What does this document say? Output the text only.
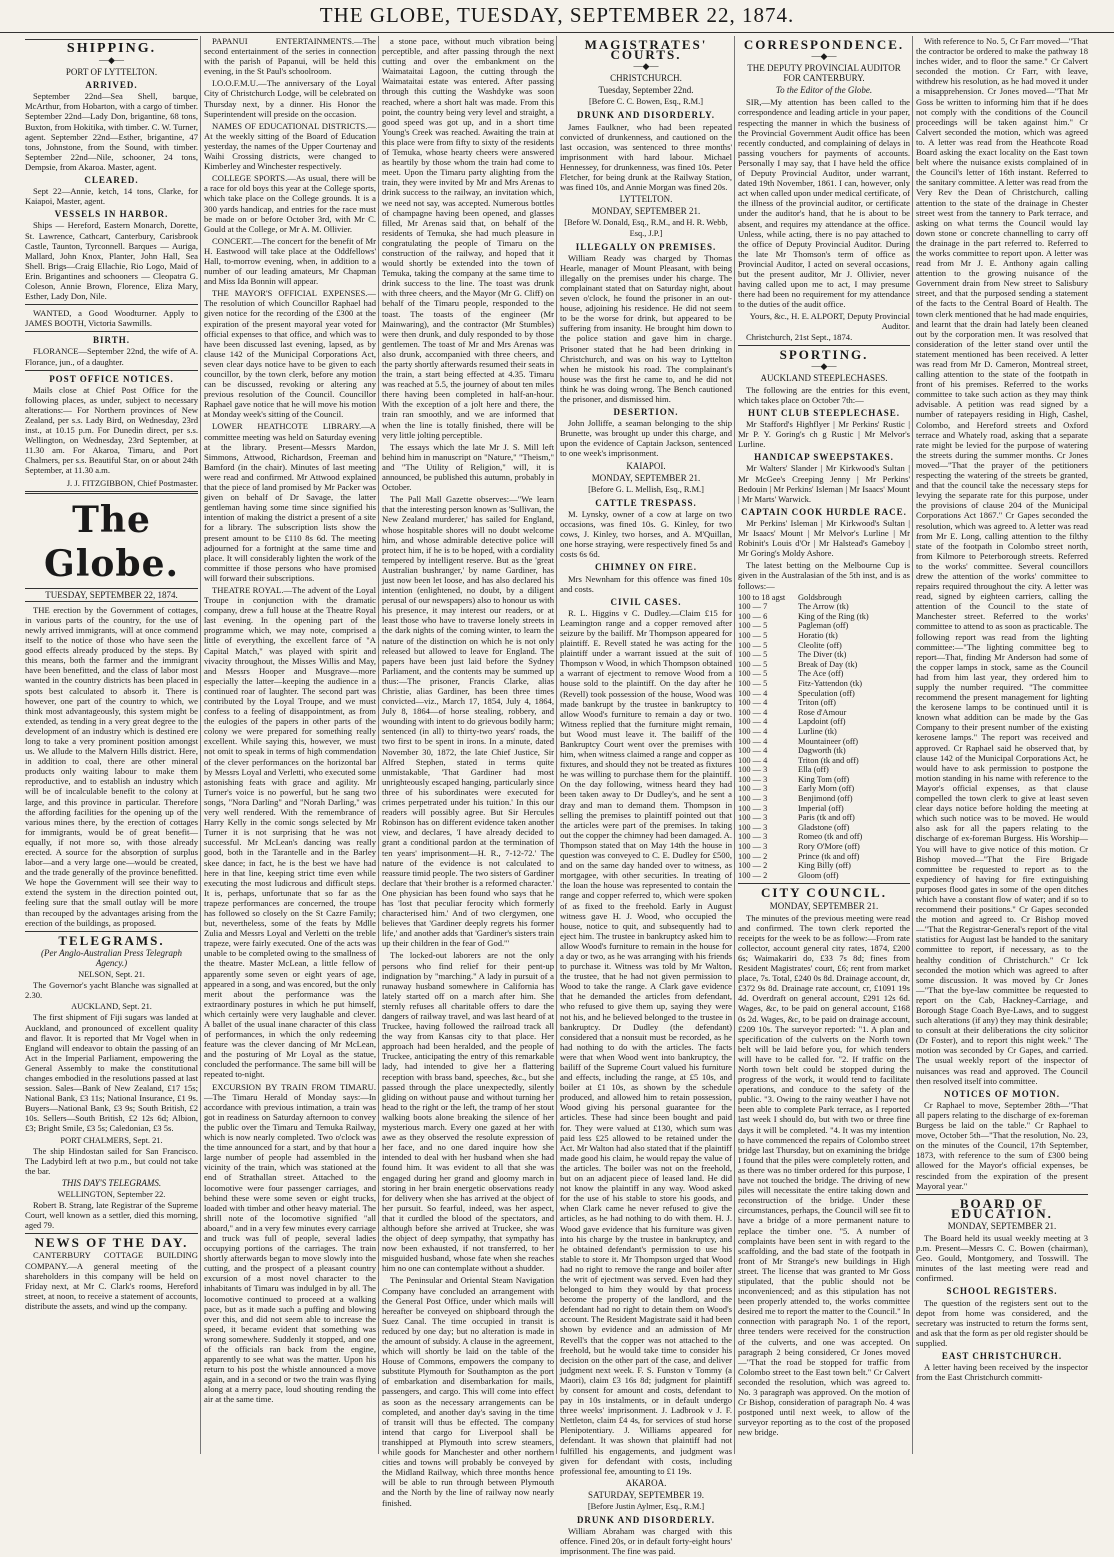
THE GLOBE, TUESDAY, SEPTEMBER 22, 1874.
SHIPPING.
—◆—
PORT OF LYTTELTON.
ARRIVED.

September 22nd—Sea Shell, barque, McArthur, from Hobarton, with a cargo of timber. September 22nd—Lady Don, brigantine, 68 tons, Buxton, from Hokitika, with timber. C. W. Turner, agent. September 22nd—Esther, brigantine, 47 tons, Johnstone, from the Sound, with timber. September 22nd—Nile, schooner, 24 tons, Dempsie, from Akaroa. Master, agent.

CLEARED.

Sept 22—Annie, ketch, 14 tons, Clarke, for Kaiapoi, Master, agent.

VESSELS IN HARBOR.

Ships — Hereford, Eastern Monarch, Dorette, St. Lawrence, Cathcart, Canterbury, Carisbrook Castle, Taunton, Tyrconnell. Barques — Auriga, Mallard, John Knox, Planter, John Hall, Sea Shell. Brigs—Craig Ellachie, Rio Logo, Maid of Erin. Brigantines and schooners — Cleopatra G. Coleson, Annie Brown, Florence, Eliza Mary, Esther, Lady Don, Nile.

WANTED, a Good Woodturner. Apply to JAMES BOOTH, Victoria Sawmills.

BIRTH.

FLORANCE—September 22nd, the wife of A. Florance, jun., of a daughter.

POST OFFICE NOTICES.

Mails close at Chief Post Office for the following places, as under, subject to necessary alterations:— For Northern provinces of New Zealand, per s.s. Lady Bird, on Wednesday, 23rd inst., at 10.15 p.m. For Dunedin direct, per s.s. Wellington, on Wednesday, 23rd September, at 11.30 am. For Akaroa, Timaru, and Port Chalmers, per s.s. Beautiful Star, on or about 24th September, at 11.30 a.m.

J. J. FITZGIBBON, Chief Postmaster.
The Globe.
TUESDAY, SEPTEMBER 22, 1874.

THE erection by the Government of cottages, in various parts of the country, for the use of newly arrived immigrants, will at once commend itself to the notice of those who have seen the good effects already produced by the steps. By this means, both the farmer and the immigrant have been benefitted, and the class of labor most wanted in the country districts has been placed in spots best calculated to absorb it. There is however, one part of the country to which, we think most advantageously, this system might be extended, as tending in a very great degree to the development of an industry which is destined ere long to take a very prominent position amongst us. We allude to the Malvern Hills district. Here, in addition to coal, there are other mineral products only waiting labour to make them reproductive, and to establish an industry which will be of incalculable benefit to the colony at large, and this province in particular. Therefore the affording facilities for the opening up of the various mines there, by the erection of cottages for immigrants, would be of great benefit—equally, if not more so, with those already erected. A source for the absorption of surplus labor—and a very large one—would be created, and the trade generally of the province benefitted. We hope the Government will see their way to extend the system in the direction pointed out, feeling sure that the small outlay will be more than recouped by the advantages arising from the erection of the buildings, as proposed.

TELEGRAMS.
(Per Anglo-Australian Press Telegraph Agency.)
NELSON, Sept. 21.

The Governor's yacht Blanche was signalled at 2.30.

AUCKLAND, Sept. 21.

The first shipment of Fiji sugars was landed at Auckland, and pronounced of excellent quality and flavor. It is reported that Mr Vogel when in England will endeavor to obtain the passing of an Act in the Imperial Parliament, empowering the General Assembly to make the constitutional changes embodied in the resolutions passed at last session. Sales—Bank of New Zealand, £17 15s; National Bank, £3 11s; National Insurance, £1 9s. Buyers—National Bank, £3 9s; South British, £2 10s. Sellers—South British, £2 12s 6d; Albion, £3; Bright Smile, £3 5s; Caledonian, £3 5s.

PORT CHALMERS, Sept. 21.

The ship Hindostan sailed for San Francisco. The Ladybird left at two p.m., but could not take the bar.

THIS DAY'S TELEGRAMS.
WELLINGTON, September 22.

Robert B. Strang, late Registrar of the Supreme Court, well known as a settler, died this morning, aged 79.

NEWS OF THE DAY.

CANTERBURY COTTAGE BUILDING COMPANY.—A general meeting of the shareholders in this company will be held on Friday next, at Mr C. Clark's rooms, Hereford street, at noon, to receive a statement of accounts, distribute the assets, and wind up the company.

PAPANUI ENTERTAINMENTS.—The second entertainment of the series in connection with the parish of Papanui, will be held this evening, in the St Paul's schoolroom.

I.O.O.F.M.U.—The anniversary of the Loyal City of Christchurch Lodge, will be celebrated on Thursday next, by a dinner. His Honor the Superintendent will preside on the occasion.

NAMES OF EDUCATIONAL DISTRICTS.—At the weekly sitting of the Board of Education yesterday, the names of the Upper Courtenay and Waihi Crossing districts, were changed to Kimberley and Winchester respectively.

COLLEGE SPORTS.—As usual, there will be a race for old boys this year at the College sports, which take place on the College grounds. It is a 300 yards handicap, and entries for the race must be made on or before October 3rd, with Mr C. Gould at the College, or Mr A. M. Ollivier.

CONCERT.—The concert for the benefit of Mr H. Eastwood will take place at the Oddfellows' Hall, to-morrow evening, when, in addition to a number of our leading amateurs, Mr Chapman and Miss Ida Bonnin will appear.

THE MAYOR'S OFFICIAL EXPENSES.—The resolution of which Councillor Raphael had given notice for the recording of the £300 at the expiration of the present mayoral year voted for official expenses to that office, and which was to have been discussed last evening, lapsed, as by clause 142 of the Municipal Corporations Act, seven clear days notice have to be given to each councillor, by the town clerk, before any motion can be discussed, revoking or altering any previous resolution of the Council. Councillor Raphael gave notice that he will move his motion at Monday week's sitting of the Council.

LOWER HEATHCOTE LIBRARY.—A committee meeting was held on Saturday evening at the library. Present—Messrs Mardon, Simmons, Attwood, Richardson, Freeman and Bamford (in the chair). Minutes of last meeting were read and confirmed. Mr Attwood explained that the piece of land promised by Mr Packer was given on behalf of Dr Savage, the latter gentleman having some time since signified his intention of making the district a present of a site for a library. The subscription lists show the present amount to be £110 8s 6d. The meeting adjourned for a fortnight at the same time and place. It will considerably lighten the work of the committee if those persons who have promised will forward their subscriptions.

THEATRE ROYAL.—The advent of the Loyal Troupe in conjunction with the dramatic company, drew a full house at the Theatre Royal last evening. In the opening part of the programme which, we may note, comprised a little of everything, the excellent farce of "A Capital Match," was played with spirit and vivacity throughout, the Misses Willis and May, and Messrs Hooper and Musgrave—more especially the latter—keeping the audience in a continued roar of laughter. The second part was contributed by the Loyal Troupe, and we must confess to a feeling of disappointment, as from the eulogies of the papers in other parts of the colony we were prepared for something really excellent. While saying this, however, we must not omit to speak in terms of high commendation of the clever performances on the horizontal bar by Messrs Loyal and Verletti, who executed some astonishing feats with grace and agility. Mr Turner's voice is no powerful, but he sang two songs, "Nora Darling" and "Norah Darling," was very well rendered. With the remembrance of Harry Kelly in the comic songs selected by Mr Turner it is not surprising that he was not successful. Mr McLean's dancing was really good, both in the Tarantelle and in the Barley skee dance; in fact, he is the best we have had here in that line, keeping strict time even while executing the most ludicrous and difficult steps. It is, perhaps, unfortunate that so far as the trapeze performances are concerned, the troupe has followed so closely on the St Cazre Family; but, nevertheless, some of the feats by Mdlle Zulia and Messrs Loyal and Verletti on the treble trapeze, were fairly executed. One of the acts was unable to be completed owing to the smallness of the theatre. Master McLean, a little fellow of apparently some seven or eight years of age, appeared in a song, and was encored, but the only merit about the performance was the extraordinary postures in which he put himself, which certainly were very laughable and clever. A ballet of the usual inane character of this class of performances, in which the only redeeming feature was the clever dancing of Mr McLean, and the posturing of Mr Loyal as the statue, concluded the performance. The same bill will be repeated to-night.

EXCURSION BY TRAIN FROM TIMARU.—The Timaru Herald of Monday says:—In accordance with previous intimation, a train was got in readiness on Saturday afternoon to convey the public over the Timaru and Temuka Railway, which is now nearly completed. Two o'clock was the time announced for a start, and by that hour a large number of people had assembled in the vicinity of the train, which was stationed at the end of Strathallan street. Attached to the locomotive were four passenger carriages, and behind these were some seven or eight trucks, loaded with timber and other heavy material. The shrill note of the locomotive signified "all aboard," and in a very few minutes every carriage and truck was full of people, several ladies occupying portions of the carriages. The train shortly afterwards began to move slowly into the cutting, and the prospect of a pleasant country excursion of a most novel character to the inhabitants of Timaru was indulged in by all. The locomotive continued to proceed at a walking pace, but as it made such a puffing and blowing over this, and did not seem able to increase the speed, it became evident that something was wrong somewhere. Suddenly it stopped, and one of the officials ran back from the engine, apparently to see what was the matter. Upon his return to his post the whistle announced a move again, and in a second or two the train was flying along at a merry pace, loud shouting rending the air at the same time.

a stone pace, without much vibration being perceptible, and after passing through the next cutting and over the embankment on the Waimataitai Lagoon, the cutting through the Waimataitai estate was entered. After passing through this cutting the Washdyke was soon reached, where a short halt was made. From this point, the country being very level and straight, a good speed was got up, and in a short time Young's Creek was reached. Awaiting the train at this place were from fifty to sixty of the residents of Temuka, whose hearty cheers were answered as heartily by those whom the train had come to meet. Upon the Timaru party alighting from the train, they were invited by Mr and Mrs Arenas to drink success to the railway, an invitation which, we need not say, was accepted. Numerous bottles of champagne having been opened, and glasses filled, Mr Arenas said that, on behalf of the residents of Temuka, she had much pleasure in congratulating the people of Timaru on the construction of the railway, and hoped that it would shortly be extended into the town of Temuka, taking the company at the same time to drink success to the line. The toast was drunk with three cheers, and the Mayor (Mr G. Cliff) on behalf of the Timaru people, responded to the toast. The toasts of the engineer (Mr Mainwaring), and the contractor (Mr Stumbles) were then drunk, and duly responded to by those gentlemen. The toast of Mr and Mrs Arenas was also drunk, accompanied with three cheers, and the party shortly afterwards resumed their seats in the train, a start being effected at 4.35. Timaru was reached at 5.5, the journey of about ten miles there having been completed in half-an-hour. With the exception of a jolt here and there, the train ran smoothly, and we are informed that when the line is totally finished, there will be very little jolting perceptible.

The essays which the late Mr J. S. Mill left behind him in manuscript on "Nature," "Theism," and "The Utility of Religion," will, it is announced, be published this autumn, probably in October.

The Pall Mall Gazette observes:—"We learn that the interesting person known as 'Sullivan, the New Zealand murderer,' has sailed for England, whose hospitable shores will no doubt welcome him, and whose admirable detective police will protect him, if he is to be hoped, with a cordiality tempered by intelligent reserve. But as the 'great Australian bushranger,' by name Gardiner, has just now been let loose, and has also declared his intention (enlightened, no doubt, by a diligent perusal of our newspapers) also to honour us with his presence, it may interest our readers, or at least those who have to traverse lonely streets in the dark nights of the coming winter, to learn the nature of the distinction on which he is not only released but allowed to leave for England. The papers have been just laid before the Sydney Parliament, and the contents may be summed up thus:—The prisoner, Francis Clarke, alias Christie, alias Gardiner, has been three times convicted—viz., March 17, 1854, July 4, 1864, July 8, 1864—of horse stealing, robbery, and wounding with intent to do grievous bodily harm; sentenced (in all) to thirty-two years' roads, the two first to be spent in irons. In a minute, dated November 30, 1872, the late Chief Justice, Sir Alfred Stephen, stated in terms quite unmistakable, 'That Gardiner had most unrighteously escaped hanging, particularly since three of his subordinates were executed for crimes perpetrated under his tuition.' In this our readers will possibly agree. But Sir Hercules Robinson has on different evidence taken another view, and declares, 'I have already decided to grant a conditional pardon at the termination of ten years' imprisonment—H. R., 7-12-72.' The nature of the evidence is not calculated to reassure timid people. The two sisters of Gardiner declare that 'their brother is a reformed character.' One physician has been found who says that he has 'lost that peculiar ferocity which formerly characterised him.' And of two clergymen, one believes that 'Gardiner deeply regrets his former life,' and another adds that 'Gardiner's sisters train up their children in the fear of God.'"

The locked-out laborers are not the only persons who find relief for their pent-up indignation by "marching." A lady in pursuit of a runaway husband somewhere in California has lately started off on a march after him. She sternly refuses all charitable offers to dare the dangers of railway travel, and was last heard of at Truckee, having followed the railroad track all the way from Kansas city to that place. Her approach had been heralded, and the people of Truckee, anticipating the entry of this remarkable lady, had intended to give her a flattering reception with brass band, speeches, &c., but she passed through the place unexpectedly, silently gliding on without pause and without turning her head to the right or the left, the tramp of her stout walking boots alone breaking the silence of her mysterious march. Every one gazed at her with awe as they observed the resolute expression of her face, and no one dared inquire how she intended to deal with her husband when she had found him. It was evident to all that she was engaged during her grand and gloomy march in storing in her brain energetic observations ready for delivery when she has arrived at the object of her pursuit. So fearful, indeed, was her aspect, that it curdled the blood of the spectators, and although before she arrived at Truckee, she was the object of deep sympathy, that sympathy has now been exhausted, if not transferred, to her misguided husband, whose fate when she reaches him no one can contemplate without a shudder.

The Peninsular and Oriental Steam Navigation Company have concluded an arrangement with the General Post Office, under which mails will hereafter be conveyed on shipboard through the Suez Canal. The time occupied in transit is reduced by one day; but no alteration is made in the amount of subsidy. A clause in the agreement, which will shortly be laid on the table of the House of Commons, empowers the company to substitute Plymouth for Southampton as the port of embarkation and disembarkation for mails, passengers, and cargo. This will come into effect as soon as the necessary arrangements can be completed, and another day's saving in the time of transit will thus be effected. The company intend that cargo for Liverpool shall be transhipped at Plymouth into screw steamers, while goods for Manchester and other northern cities and towns will probably be conveyed by the Midland Railway, which three months hence will be able to run through between Plymouth and the North by the line of railway now nearly finished.

MAGISTRATES' COURTS.
—◆—
CHRISTCHURCH.
Tuesday, September 22nd.
[Before C. C. Bowen, Esq., R.M.]
DRUNK AND DISORDERLY.

James Faulkner, who had been repeated convicted of drunkenness, and cautioned on the last occasion, was sentenced to three months' imprisonment with hard labour. Michael Hennessey, for drunkenness, was fined 10s. Peter Fletcher, for being drunk at the Railway Station, was fined 10s, and Annie Morgan was fined 20s.

LYTTELTON.
MONDAY, SEPTEMBER 21.
[Before W. Donald, Esq., R.M., and H. R. Webb, Esq., J.P.]
ILLEGALLY ON PREMISES.

William Ready was charged by Thomas Hearle, manager of Mount Pleasant, with being illegally on the premises under his charge. The complainant stated that on Saturday night, about seven o'clock, he found the prisoner in an out-house, adjoining his residence. He did not seem to be the worse for drink, but appeared to be suffering from insanity. He brought him down to the police station and gave him in charge. Prisoner stated that he had been drinking in Christchurch, and was on his way to Lyttelton when he mistook his road. The complainant's house was the first he came to, and he did not think he was doing wrong. The Bench cautioned the prisoner, and dismissed him.

DESERTION.

John Jolliffe, a seaman belonging to the ship Brunette, was brought up under this charge, and upon the evidence of Captain Jackson, sentenced to one week's imprisonment.

KAIAPOI.
MONDAY, SEPTEMBER 21.
[Before G. L. Mellish, Esq., R.M.]
CATTLE TRESPASS.

M. Lynsky, owner of a cow at large on two occasions, was fined 10s. G. Kinley, for two cows, J. Kinley, two horses, and A. M'Quillan, one horse straying, were respectively fined 5s and costs 6s 6d.

CHIMNEY ON FIRE.

Mrs Newnham for this offence was fined 10s and costs.

CIVIL CASES.

R. L. Higgins v C. Dudley.—Claim £15 for Leamington range and a copper removed after seizure by the bailiff. Mr Thompson appeared for plaintiff. E. Revell stated he was acting for the plaintiff under a warrant issued at the suit of Thompson v Wood, in which Thompson obtained a warrant of ejectment to remove Wood from a house sold to the plaintiff. On the day after he (Revell) took possession of the house, Wood was made bankrupt by the trustee in bankruptcy to allow Wood's furniture to remain a day or two. Witness replied that the furniture might remain, but Wood must leave it. The bailiff of the Bankruptcy Court went over the premises with him, when witness claimed a range and copper as fixtures, and should they not be treated as fixtures he was willing to purchase them for the plaintiff. On the day following, witness heard they had been taken away to Dr Dudley's, and he sent a dray and man to demand them. Thompson in selling the premises to plaintiff pointed out that the articles were part of the premises. In taking out the copper the chimney had been damaged. A. Thompson stated that on May 14th the house in question was conveyed to C. E. Dudley for £500, and on the same day handed over to witness, as mortgagee, with other securities. In treating of the loan the house was represented to contain the range and copper referred to, which were spoken of as fixed to the freehold. Early in August witness gave H. J. Wood, who occupied the house, notice to quit, and subsequently had to eject him. The trustee in bankruptcy asked him to allow Wood's furniture to remain in the house for a day or two, as he was arranging with his friends to purchase it. Witness was told by Mr Walton, the trustee, that he had not given permission to Wood to take the range. A Clark gave evidence that he demanded the articles from defendant, who refused to give them up, saying they were not his, and he believed belonged to the trustee in bankruptcy. Dr Dudley (the defendant) considered that a nonsuit must be recorded, as he had nothing to do with the articles. The facts were that when Wood went into bankruptcy, the bailiff of the Supreme Court valued his furniture and effects, including the range, at £5 10s, and boiler at £1 10s, as shown by the schedule produced, and allowed him to retain possession, Wood giving his personal guarantee for the articles. These had since been bought and paid for. They were valued at £130, which sum was paid less £25 allowed to be retained under the Act. Mr Walton had also stated that if the plaintiff made good his claim, he would repay the value of the articles. The boiler was not on the freehold, but on an adjacent piece of leased land. He did not know the plaintiff in any way. Wood asked for the use of his stable to store his goods, and when Clark came he never refused to give the articles, as he had nothing to do with them. H. J. Wood gave evidence that his furniture was given into his charge by the trustee in bankruptcy, and he obtained defendant's permission to use his stable to store it. Mr Thompson urged that Wood had no right to remove the range and boiler after the writ of ejectment was served. Even had they belonged to him they would by that process become the property of the landlord, and the defendant had no right to detain them on Wood's account. The Resident Magistrate said it had been shown by evidence and an admission of Mr Revell's that the copper was not attached to the freehold, but he would take time to consider his decision on the other part of the case, and deliver judgment next week. F. S. Funston v Tommy (a Maori), claim £3 16s 8d; judgment for plaintiff by consent for amount and costs, defendant to pay in 10s instalments, or in default undergo three weeks' imprisonment. J. Ladbrook v J. F. Nettleton, claim £4 4s, for services of stud horse Plenipotentiary. J. Williams appeared for defendant. It was shown that plaintiff had not fulfilled his engagements, and judgment was given for defendant with costs, including professional fee, amounting to £1 19s.

AKAROA.
SATURDAY, SEPTEMBER 19.
[Before Justin Aylmer, Esq., R.M.]
DRUNK AND DISORDERLY.

William Abraham was charged with this offence. Fined 20s, or in default forty-eight hours' imprisonment. The fine was paid.

CORRESPONDENCE.
—◆—
THE DEPUTY PROVINCIAL AUDITOR FOR CANTERBURY.
To the Editor of the Globe.

SIR,—My attention has been called to the correspondence and leading article in your paper, respecting the manner in which the business of the Provincial Government Audit office has been recently conducted, and complaining of delays in passing vouchers for payments of accounts. Personally I may say, that I have held the office of Deputy Provincial Auditor, under warrant, dated 19th November, 1861. I can, however, only act when called upon under medical certificate, of the illness of the provincial auditor, or certificate under the auditor's hand, that he is about to be absent, and requires my attendance at the office. Unless, while acting, there is no pay attached to the office of Deputy Provincial Auditor. During the late Mr Thomson's term of office as Provincial Auditor, I acted on several occasions, but the present auditor, Mr J. Ollivier, never having called upon me to act, I may presume there had been no requirement for my attendance to the duties of the audit office.

Yours, &c., H. E. ALPORT, Deputy Provincial Auditor.

Christchurch, 21st Sept., 1874.

SPORTING.
—◆—
AUCKLAND STEEPLECHASES.

The following are the entries for this event, which takes place on October 7th:—

HUNT CLUB STEEPLECHASE.

Mr Stafford's Highflyer | Mr Perkins' Rustic | Mr P. Y. Goring's ch g Rustic | Mr Melvor's Lurline.

HANDICAP SWEEPSTAKES.

Mr Walters' Slander | Mr Kirkwood's Sultan | Mr McGee's Creeping Jenny | Mr Perkins' Bedouin | Mr Perkins' Isleman | Mr Isaacs' Mount | Mr Marts' Warwick.

CAPTAIN COOK HURDLE RACE.

Mr Perkins' Isleman | Mr Kirkwood's Sultan | Mr Isaacs' Mount | Mr Melvor's Lurline | Mr Robinit's Louis d'Or | Mr Halstead's Gameboy | Mr Goring's Moldy Ashore.

The latest betting on the Melbourne Cup is given in the Australasian of the 5th inst, and is as follows:—

100 to 18 agst	Goldsbrough
100 — 7	The Arrow (tk)
100 — 6	King of the Ring (tk)
100 — 5	Pagleman (off)
100 — 5	Horatio (tk)
100 — 5	Cleolite (off)
100 — 5	The Diver (tk)
100 — 5	Break of Day (tk)
100 — 5	The Ace (off)
100 — 5	Fitz-Yattendon (tk)
100 — 4	Speculation (off)
100 — 4	Triton (off)
100 — 4	Rose d'Amour
100 — 4	Lapdoint (off)
100 — 4	Lurline (tk)
100 — 4	Mountaineer (off)
100 — 4	Dagworth (tk)
100 — 4	Triton (tk and off)
100 — 3	Ella (off)
100 — 3	King Tom (off)
100 — 3	Early Morn (off)
100 — 3	Benjimond (off)
100 — 3	Imperial (off)
100 — 3	Paris (tk and off)
100 — 3	Gladstone (off)
100 — 3	Romeo (tk and off)
100 — 3	Rory O'More (off)
100 — 2	Prince (tk and off)
100 — 2	King Billy (off)
100 — 2	Gloom (off)
CITY COUNCIL.
MONDAY, SEPTEMBER 21.

The minutes of the previous meeting were read and confirmed. The town clerk reported the receipts for the week to be as follow:—From rate collector, account general city rates, 1874, £200 6s; Waimakariri do, £33 7s 8d; fines from Resident Magistrates' court, £6; rent from market place, 7s. Total, £240 0s 8d. Drainage account, dr, £372 9s 8d. Drainage rate account, cr, £1091 19s 4d. Overdraft on general account, £291 12s 6d. Wages, &c, to be paid on general account, £168 0s 2d. Wages, &c, to be paid on drainage account, £209 10s. The surveyor reported: "1. A plan and specification of the culverts on the North town belt will be laid before you, for which tenders will have to be called for. "2. If traffic on the North town belt could be stopped during the progress of the work, it would tend to facilitate operations, and conduce to the safety of the public. "3. Owing to the rainy weather I have not been able to complete Park terrace, as I reported last week I should do, but with two or three fine days it will be completed. "4. It was my intention to have commenced the repairs of Colombo street bridge last Thursday, but on examining the bridge I found that the piles were completely rotten, and as there was no timber ordered for this purpose, I have not touched the bridge. The driving of new piles will necessitate the entire taking down and reconstruction of the bridge. Under these circumstances, perhaps, the Council will see fit to have a bridge of a more permanent nature to replace the timber one. "5. A number of complaints have been sent in with regard to the scaffolding, and the bad state of the footpath in front of Mr Strange's new buildings in High street. The license that was granted to Mr Goss stipulated, that the public should not be inconvenienced; and as this stipulation has not been properly attended to, the works committee desired me to report the matter to the Council." In connection with paragraph No. 1 of the report, three tenders were received for the construction of the culverts, and one was accepted. On paragraph 2 being considered, Cr Jones moved—"That the road be stopped for traffic from Colombo street to the East town belt." Cr Calvert seconded the resolution, which was agreed to. No. 3 paragraph was approved. On the motion of Cr Bishop, consideration of paragraph No. 4 was postponed until next week, to allow of the surveyor reporting as to the cost of the proposed new bridge.

With reference to No. 5, Cr Farr moved—"That the contractor be ordered to make the pathway 18 inches wider, and to floor the same." Cr Calvert seconded the motion. Cr Farr, with leave, withdrew his resolution, as he had moved it under a misapprehension. Cr Jones moved—"That Mr Goss be written to informing him that if he does not comply with the conditions of the Council proceedings will be taken against him." Cr Calvert seconded the motion, which was agreed to. A letter was read from the Heathcote Road Board asking the exact locality on the East town belt where the nuisance exists complained of in the Council's letter of 16th instant. Referred to the sanitary committee. A letter was read from the Very Rev the Dean of Christchurch, calling attention to the state of the drainage in Chester street west from the tannery to Park terrace, and asking on what terms the Council would lay down stone or concrete channelling to carry off the drainage in the part referred to. Referred to the works committee to report upon. A letter was read from Mr J. E. Anthony again calling attention to the growing nuisance of the Government drain from New street to Salisbury street, and that the purposed sending a statement of the facts to the Central Board of Health. The town clerk mentioned that he had made enquiries, and learnt that the drain had lately been cleaned out by the corporation men. It was resolved that consideration of the letter stand over until the statement mentioned has been received. A letter was read from Mr D. Cameron, Montreal street, calling attention to the state of the footpath in front of his premises. Referred to the works committee to take such action as they may think advisable. A petition was read signed by a number of ratepayers residing in High, Cashel, Colombo, and Hereford streets and Oxford terrace and Whately road, asking that a separate rate might be levied for the purpose of watering the streets during the summer months. Cr Jones moved—"That the prayer of the petitioners respecting the watering of the streets be granted, and that the council take the necessary steps for levying the separate rate for this purpose, under the provisions of clause 204 of the Municipal Corporations Act 1867." Cr Gapes seconded the resolution, which was agreed to. A letter was read from Mr E. Long, calling attention to the filthy state of the footpath in Colombo street north, from Kilmore to Peterborough streets. Referred to the works' committee. Several councillors drew the attention of the works' committee to repairs required throughout the city. A letter was read, signed by eighteen carriers, calling the attention of the Council to the state of Manchester street. Referred to the works' committee to attend to as soon as practicable. The following report was read from the lighting committee:—"The lighting committee beg to report—That, finding Mr Anderson had some of the copper lamps in stock, same as the Council had from him last year, they ordered him to supply the number required. "The committee recommend the present management for lighting the kerosene lamps to be continued until it is known what addition can be made by the Gas Company to their present number of the existing kerosene lamps." The report was received and approved. Cr Raphael said he observed that, by clause 142 of the Municipal Corporations Act, he would have to ask permission to postpone the motion standing in his name with reference to the Mayor's official expenses, as that clause compelled the town clerk to give at least seven clear days notice before holding the meeting at which such notice was to be moved. He would also ask for all the papers relating to the discharge of ex-foreman Burgess. His Worship—You will have to give notice of this motion. Cr Bishop moved—"That the Fire Brigade committee be requested to report as to the expediency of having for fire extinguishing purposes flood gates in some of the open ditches which have a constant flow of water; and if so to recommend their positions." Cr Gapes seconded the motion and agreed to. Cr Bishop moved—"That the Registrar-General's report of the vital statistics for August last be handed to the sanitary committee to report, if necessary, as to the healthy condition of Christchurch." Cr Ick seconded the motion which was agreed to after some discussion. It was moved by Cr Jones—"That the bye-law committee be requested to report on the Cab, Hackney-Carriage, and Borough Stage Coach Bye-Laws, and to suggest such alterations (if any) they may think desirable; to consult at their deliberations the city solicitor (Dr Foster), and to report this night week." The motion was seconded by Cr Gapes, and carried. The usual weekly report of the inspector of nuisances was read and approved. The Council then resolved itself into committee.

NOTICES OF MOTION.

Cr Raphael to move, September 28th—"That all papers relating to the discharge of ex-foreman Burgess be laid on the table." Cr Raphael to move, October 5th—"That the resolution, No. 23, on the minutes of the Council, 17th September, 1873, with reference to the sum of £300 being allowed for the Mayor's official expenses, be rescinded from the expiration of the present Mayoral year."

BOARD OF EDUCATION.
MONDAY, SEPTEMBER 21.

The Board held its usual weekly meeting at 3 p.m. Present—Messrs C. C. Bowen (chairman), Geo. Gould, Montgomery, and Tosswill. The minutes of the last meeting were read and confirmed.

SCHOOL REGISTERS.

The question of the registers sent out to the depot from home was considered, and the secretary was instructed to return the forms sent, and ask that the form as per old register should be supplied.

EAST CHRISTCHURCH.

A letter having been received by the inspector from the East Christchurch committ-
